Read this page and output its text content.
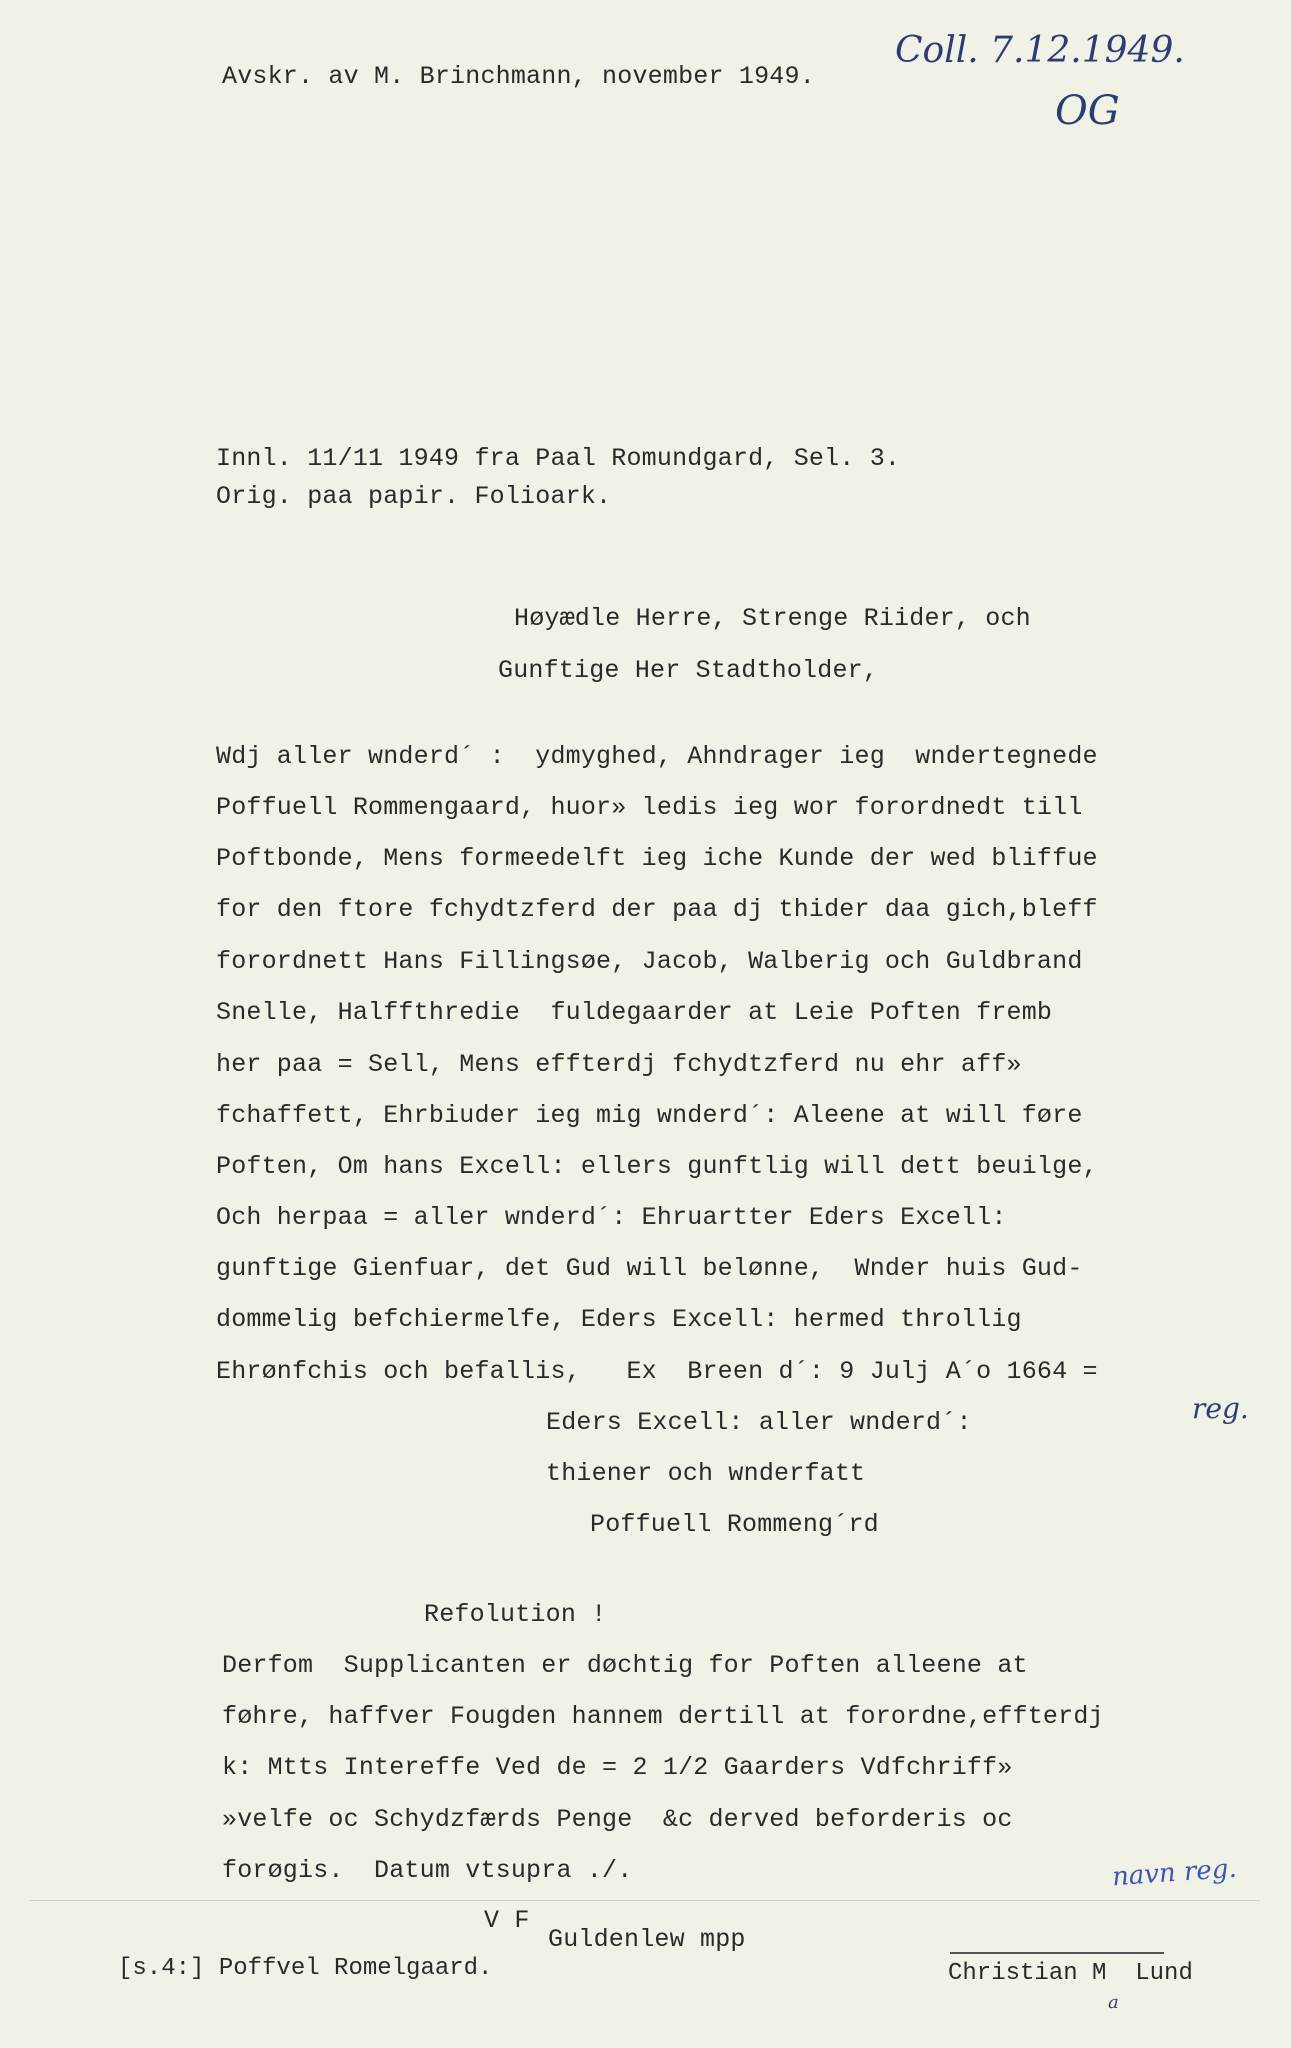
Avskr. av M. Brinchmann, november 1949.
Coll. 7.12.1949.
OG
Innl. 11/11 1949 fra Paal Romundgard, Sel. 3.
Orig. paa papir. Folioark.
Høyædle Herre, Strenge Riider, och
Gunftige Her Stadtholder,
Wdj aller wnderd´ :  ydmyghed, Ahndrager ieg  wndertegnede
Poffuell Rommengaard, huor» ledis ieg wor forordnedt till
Poftbonde, Mens formeedelft ieg iche Kunde der wed bliffue
for den ftore fchydtzferd der paa dj thider daa gich,bleff
forordnett Hans Fillingsøe, Jacob, Walberig och Guldbrand
Snelle, Halffthredie  fuldegaarder at Leie Poften fremb
her paa = Sell, Mens effterdj fchydtzferd nu ehr aff»
fchaffett, Ehrbiuder ieg mig wnderd´: Aleene at will føre
Poften, Om hans Excell: ellers gunftlig will dett beuilge,
Och herpaa = aller wnderd´: Ehruartter Eders Excell:
gunftige Gienfuar, det Gud will belønne,  Wnder huis Gud-
dommelig befchiermelfe, Eders Excell: hermed throllig
Ehrønfchis och befallis,   Ex  Breen d´: 9 Julj A´o 1664 =
Eders Excell: aller wnderd´:
thiener och wnderfatt
Poffuell Rommeng´rd
reg.
navn reg.
Refolution !
Derfom  Supplicanten er døchtig for Poften alleene at
føhre, haffver Fougden hannem dertill at forordne,effterdj
k: Mtts Intereffe Ved de = 2 1/2 Gaarders Vdfchriff»
»velfe oc Schydzfærds Penge  &c derved beforderis oc
forøgis.  Datum vtsupra ./.
V F
Guldenlew mpp
[s.4:] Poffvel Romelgaard.	Christian M  Lund
a
